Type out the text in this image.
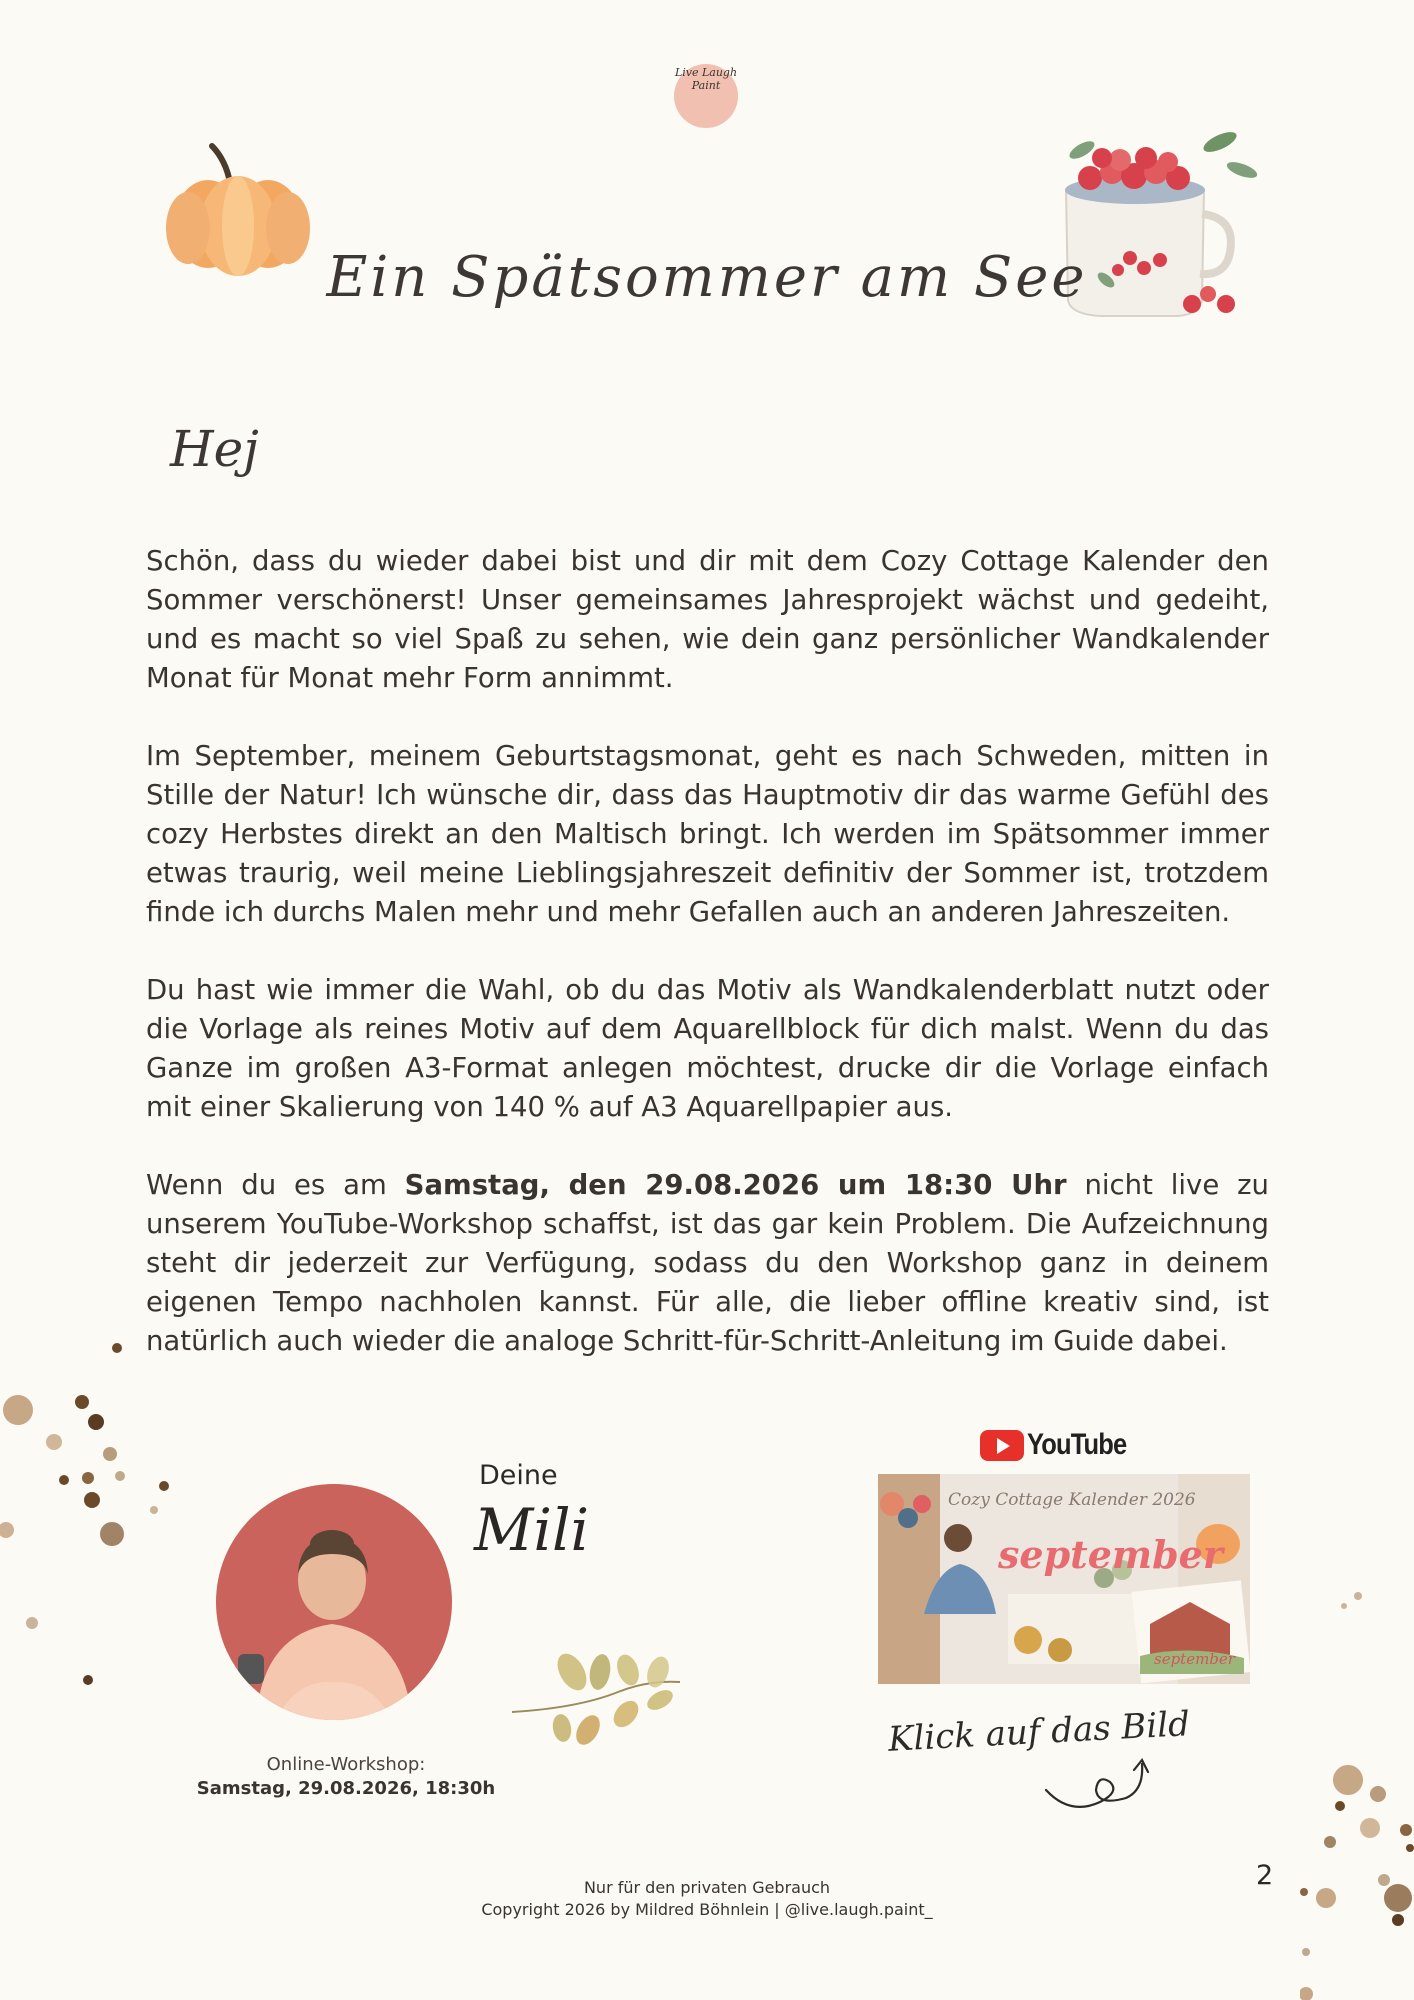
Live Laugh Paint
Ein Spätsommer am See
Hej

Schön, dass du wieder dabei bist und dir mit dem Cozy Cottage Kalender den Sommer verschönerst! Unser gemeinsames Jahresprojekt wächst und gedeiht, und es macht so viel Spaß zu sehen, wie dein ganz persönlicher Wandkalender Monat für Monat mehr Form annimmt.

Im September, meinem Geburtstagsmonat, geht es nach Schweden, mitten in Stille der Natur! Ich wünsche dir, dass das Hauptmotiv dir das warme Gefühl des cozy Herbstes direkt an den Maltisch bringt. Ich werden im Spätsommer immer etwas traurig, weil meine Lieblingsjahreszeit definitiv der Sommer ist, trotzdem finde ich durchs Malen mehr und mehr Gefallen auch an anderen Jahreszeiten.

Du hast wie immer die Wahl, ob du das Motiv als Wandkalenderblatt nutzt oder die Vorlage als reines Motiv auf dem Aquarellblock für dich malst. Wenn du das Ganze im großen A3-Format anlegen möchtest, drucke dir die Vorlage einfach mit einer Skalierung von 140 % auf A3 Aquarellpapier aus.

Wenn du es am Samstag, den 29.08.2026 um 18:30 Uhr nicht live zu unserem YouTube-Workshop schaffst, ist das gar kein Problem. Die Aufzeichnung steht dir jederzeit zur Verfügung, sodass du den Workshop ganz in deinem eigenen Tempo nachholen kannst. Für alle, die lieber offline kreativ sind, ist natürlich auch wieder die analoge Schritt-für-Schritt-Anleitung im Guide dabei.

Deine
Mili
Online-Workshop:
Samstag, 29.08.2026, 18:30h
YouTube
Cozy Cottage Kalender 2026
september
september
Klick auf das Bild
2
Nur für den privaten Gebrauch
Copyright 2026 by Mildred Böhnlein | @live.laugh.paint_
